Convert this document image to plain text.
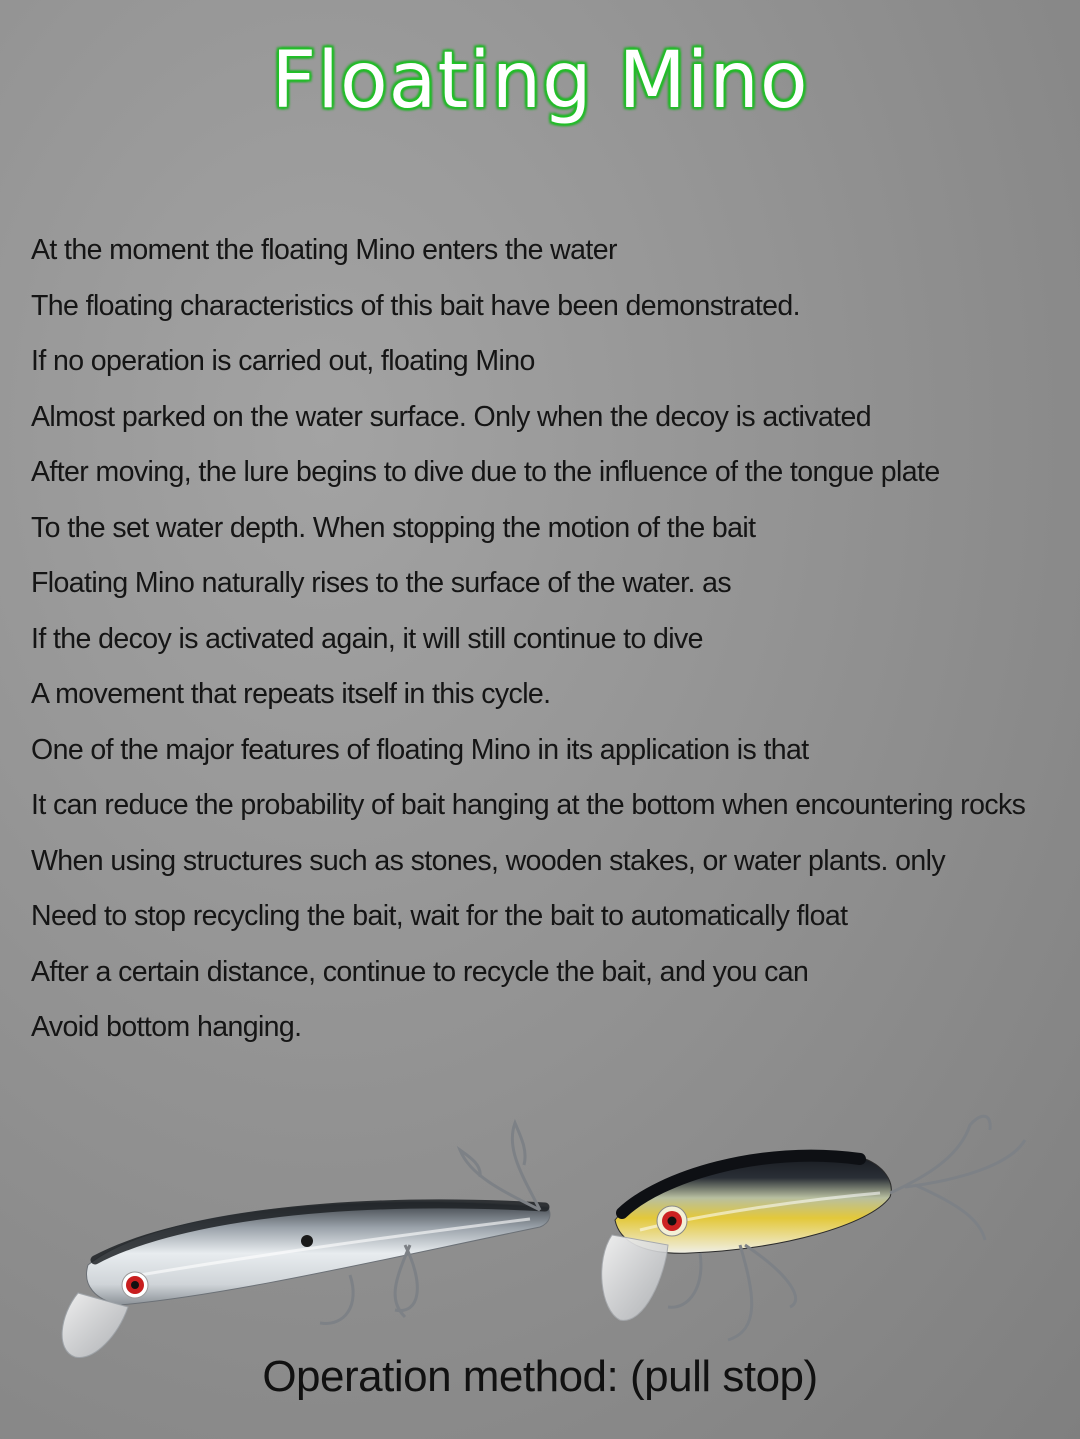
Floating Mino
At the moment the floating Mino enters the water
The floating characteristics of this bait have been demonstrated.
If no operation is carried out, floating Mino
Almost parked on the water surface. Only when the decoy is activated
After moving, the lure begins to dive due to the influence of the tongue plate
To the set water depth. When stopping the motion of the bait
Floating Mino naturally rises to the surface of the water. as
If the decoy is activated again, it will still continue to dive
A movement that repeats itself in this cycle.
One of the major features of floating Mino in its application is that
It can reduce the probability of bait hanging at the bottom when encountering rocks
When using structures such as stones, wooden stakes, or water plants. only
Need to stop recycling the bait, wait for the bait to automatically float
After a certain distance, continue to recycle the bait, and you can
Avoid bottom hanging.
Operation method: (pull stop)
